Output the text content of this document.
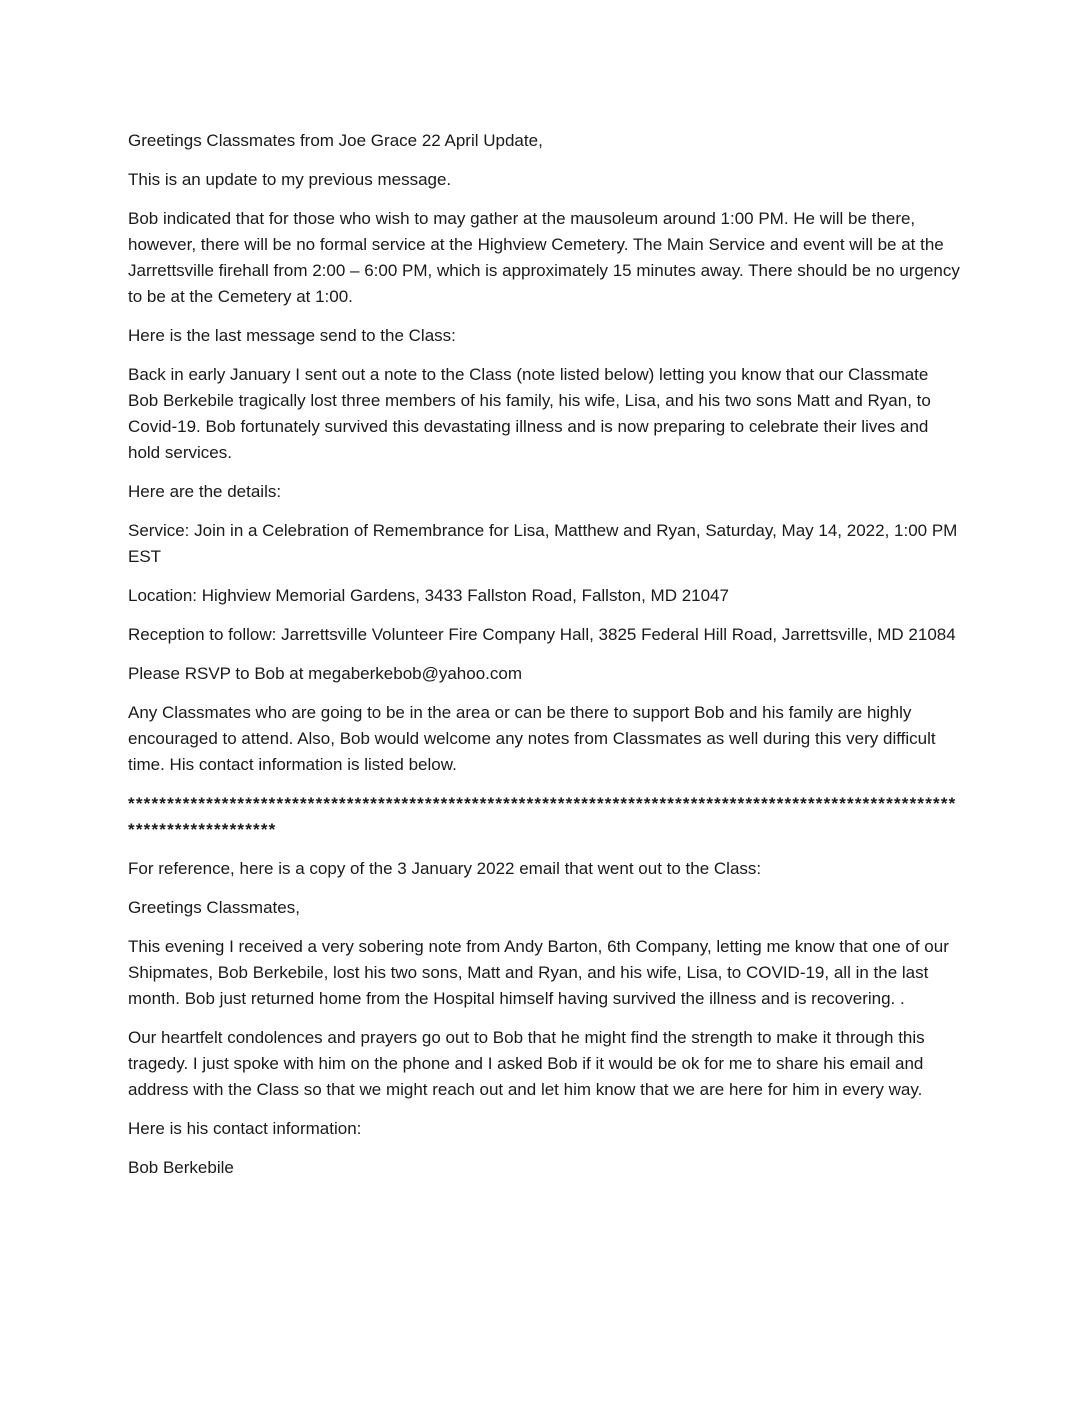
Greetings Classmates from Joe Grace 22 April Update,

This is an update to my previous message.

Bob indicated that for those who wish to may gather at the mausoleum around 1:00 PM. He will be there, however, there will be no formal service at the Highview Cemetery. The Main Service and event will be at the Jarrettsville firehall from 2:00 – 6:00 PM, which is approximately 15 minutes away. There should be no urgency to be at the Cemetery at 1:00.

Here is the last message send to the Class:

Back in early January I sent out a note to the Class (note listed below) letting you know that our Classmate Bob Berkebile tragically lost three members of his family, his wife, Lisa, and his two sons Matt and Ryan, to Covid-19. Bob fortunately survived this devastating illness and is now preparing to celebrate their lives and hold services.

Here are the details:

Service: Join in a Celebration of Remembrance for Lisa, Matthew and Ryan, Saturday, May 14, 2022, 1:00 PM EST

Location: Highview Memorial Gardens, 3433 Fallston Road, Fallston, MD 21047

Reception to follow: Jarrettsville Volunteer Fire Company Hall, 3825 Federal Hill Road, Jarrettsville, MD 21084

Please RSVP to Bob at megaberkebob@yahoo.com

Any Classmates who are going to be in the area or can be there to support Bob and his family are highly encouraged to attend. Also, Bob would welcome any notes from Classmates as well during this very difficult time. His contact information is listed below.

*****************************************************************************************************************************

For reference, here is a copy of the 3 January 2022 email that went out to the Class:

Greetings Classmates,

This evening I received a very sobering note from Andy Barton, 6th Company, letting me know that one of our Shipmates, Bob Berkebile, lost his two sons, Matt and Ryan, and his wife, Lisa, to COVID-19, all in the last month. Bob just returned home from the Hospital himself having survived the illness and is recovering. .

Our heartfelt condolences and prayers go out to Bob that he might find the strength to make it through this tragedy. I just spoke with him on the phone and I asked Bob if it would be ok for me to share his email and address with the Class so that we might reach out and let him know that we are here for him in every way.

Here is his contact information:

Bob Berkebile
